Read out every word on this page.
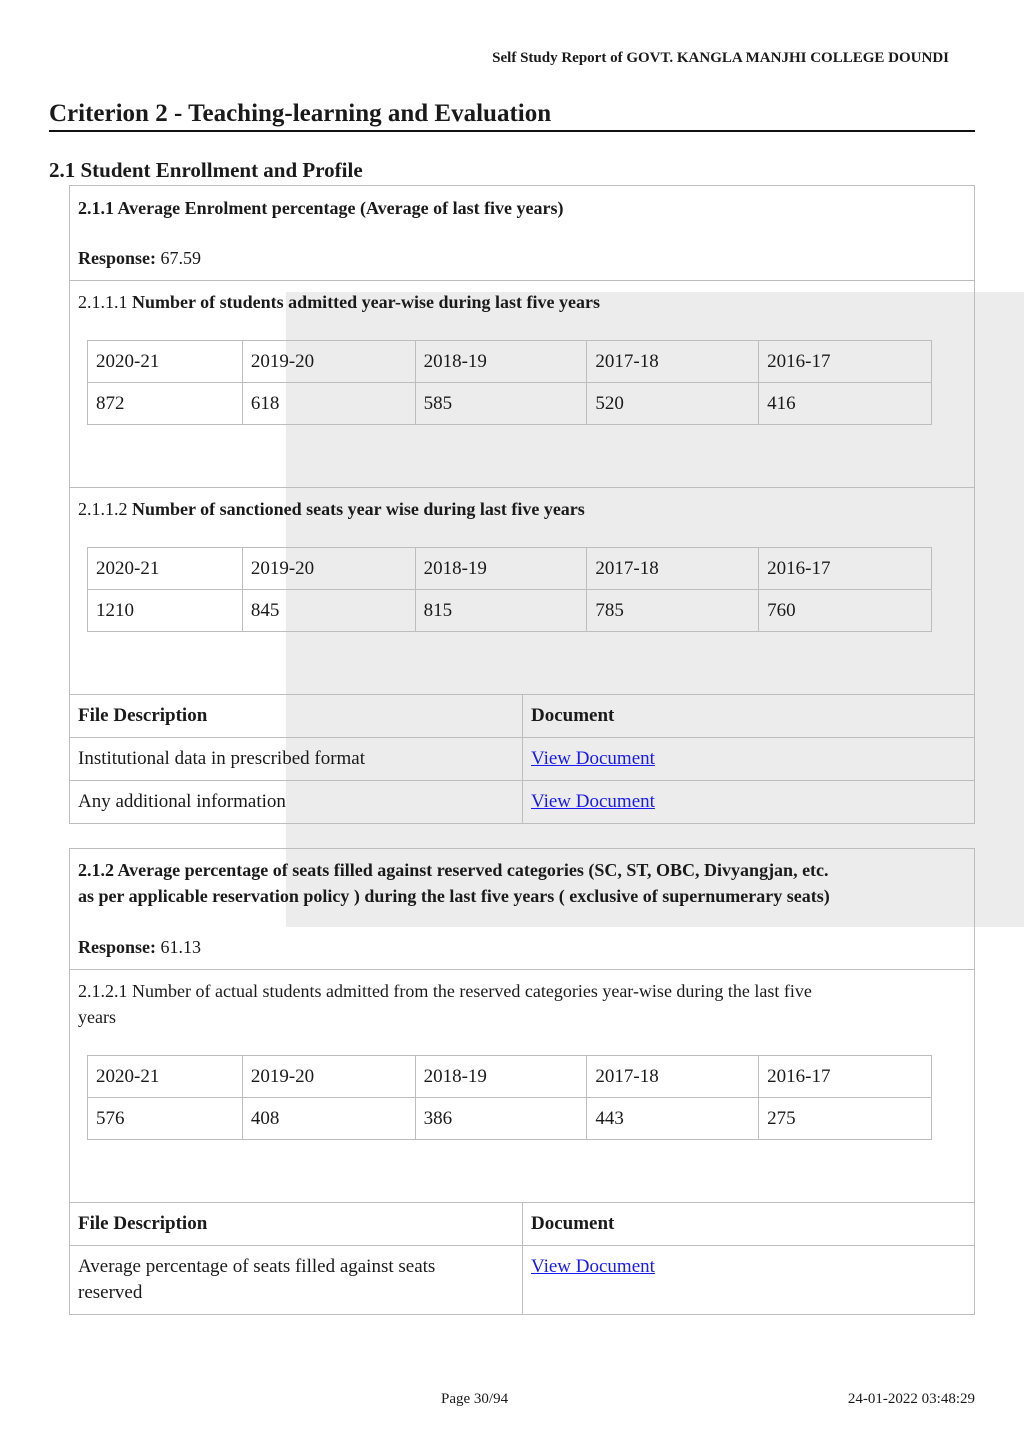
Self Study Report of GOVT. KANGLA MANJHI COLLEGE DOUNDI
Criterion 2 - Teaching-learning and Evaluation
2.1 Student Enrollment and Profile
2.1.1 Average Enrolment percentage (Average of last five years)
Response: 67.59
2.1.1.1 Number of students admitted year-wise during last five years
2020-21	2019-20	2018-19	2017-18	2016-17
872	618	585	520	416
2.1.1.2 Number of sanctioned seats year wise during last five years
2020-21	2019-20	2018-19	2017-18	2016-17
1210	845	815	785	760
File Description	Document
Institutional data in prescribed format	View Document
Any additional information	View Document
2.1.2 Average percentage of seats filled against reserved categories (SC, ST, OBC, Divyangjan, etc.
as per applicable reservation policy ) during the last five years ( exclusive of supernumerary seats)
Response: 61.13
2.1.2.1 Number of actual students admitted from the reserved categories year-wise during the last five
years
2020-21	2019-20	2018-19	2017-18	2016-17
576	408	386	443	275
File Description	Document

Average percentage of seats filled against seats
reserved	View Document
Page 30/94	24-01-2022 03:48:29
